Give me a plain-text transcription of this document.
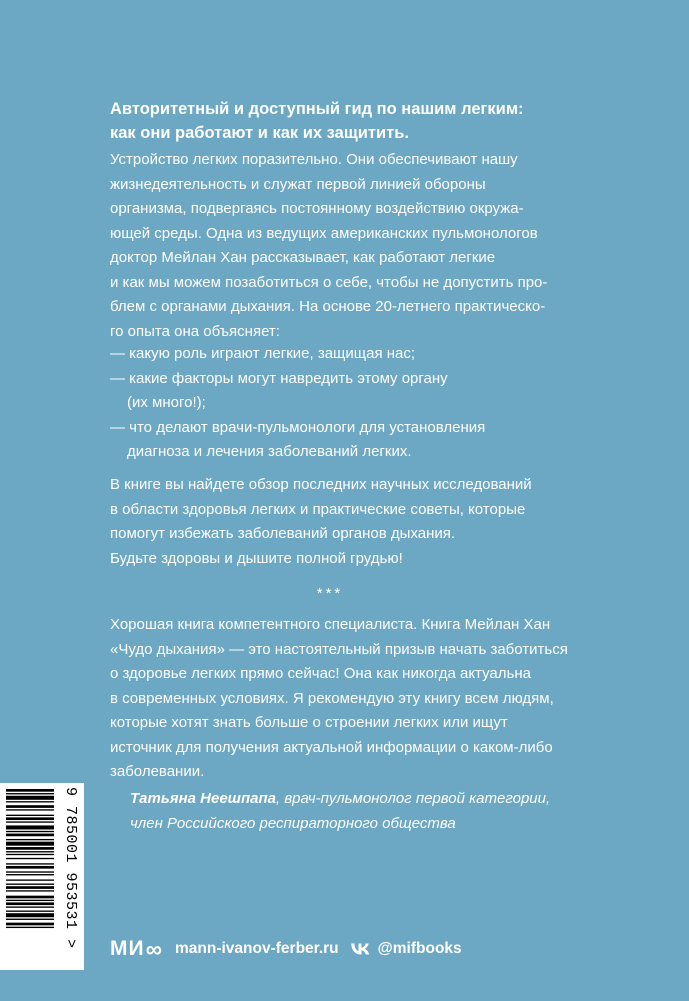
Авторитетный и доступный гид по нашим легким:
как они работают и как их защитить.
Устройство легких поразительно. Они обеспечивают нашу
жизнедеятельность и служат первой линией обороны
организма, подвергаясь постоянному воздействию окружа-
ющей среды. Одна из ведущих американских пульмонологов
доктор Мейлан Хан рассказывает, как работают легкие
и как мы можем позаботиться о себе, чтобы не допустить про-
блем с органами дыхания. На основе 20-летнего практическо-
го опыта она объясняет:
— какую роль играют легкие, защищая нас;
— какие факторы могут навредить этому органу
(их много!);
— что делают врачи-пульмонологи для установления
диагноза и лечения заболеваний легких.
В книге вы найдете обзор последних научных исследований
в области здоровья легких и практические советы, которые
помогут избежать заболеваний органов дыхания.
Будьте здоровы и дышите полной грудью!
***
Хорошая книга компетентного специалиста. Книга Мейлан Хан
«Чудо дыхания» — это настоятельный призыв начать заботиться
о здоровье легких прямо сейчас! Она как никогда актуальна
в современных условиях. Я рекомендую эту книгу всем людям,
которые хотят знать больше о строении легких или ищут
источник для получения актуальной информации о каком-либо
заболевании.
Татьяна Неешпапа, врач-пульмонолог первой категории,
член Российского респираторного общества
9 785001 953531 > МИ ∞ mann-ivanov-ferber.ru	@mifbooks
